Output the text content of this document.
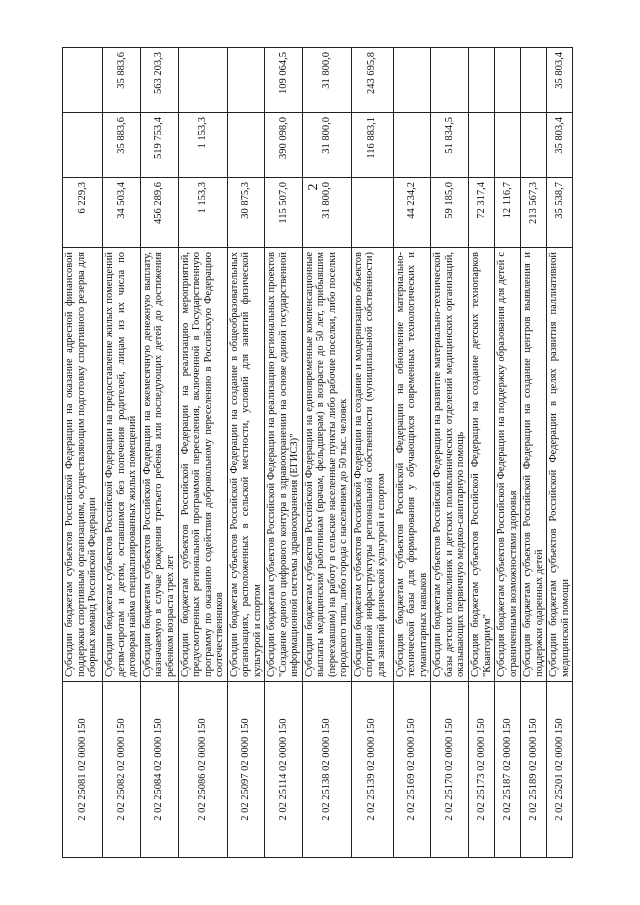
2
2 02 25081 02 0000 150	Субсидии бюджетам субъектов Российской Федерации на оказание адресной финансовой поддержки спортивным организациям, осуществляющим подготовку спортивного резерва для сборных команд Российской Федерации	6 229,3		
2 02 25082 02 0000 150	Субсидии бюджетам субъектов Российской Федерации на предоставление жилых помещений детям-сиротам и детям, оставшимся без попечения родителей, лицам из их числа по договорам найма специализированных жилых помещений	34 503,4	35 883,6	35 883,6
2 02 25084 02 0000 150	Субсидии бюджетам субъектов Российской Федерации на ежемесячную денежную выплату, назначаемую в случае рождения третьего ребенка или последующих детей до достижения ребенком возраста трех лет	456 289,6	519 753,4	563 203,3
2 02 25086 02 0000 150	Субсидии бюджетам субъектов Российской Федерации на реализацию мероприятий, предусмотренных региональной программой переселения, включенной в Государственную программу по оказанию содействия добровольному переселению в Российскую Федерацию соотечественников	1 153,3	1 153,3	
2 02 25097 02 0000 150	Субсидии бюджетам субъектов Российской Федерации на создание в общеобразовательных организациях, расположенных в сельской местности, условий для занятий физической культурой и спортом	30 875,3		
2 02 25114 02 0000 150	Субсидии бюджетам субъектов Российской Федерации на реализацию региональных проектов "Создание единого цифрового контура в здравоохранении на основе единой государственной информационной системы здравоохранения (ЕГИСЗ)"	115 507,0	390 098,0	109 064,5
2 02 25138 02 0000 150	Субсидии бюджетам субъектов Российской Федерации на единовременные компенсационные выплаты медицинским работникам (врачам, фельдшерам) в возрасте до 50 лет, прибывшим (переехавшим) на работу в сельские населенные пункты либо рабочие поселки, либо поселки городского типа, либо города с населением до 50 тыс. человек	31 800,0	31 800,0	31 800,0
2 02 25139 02 0000 150	Субсидии бюджетам субъектов Российской Федерации на создание и модернизацию объектов спортивной инфраструктуры региональной собственности (муниципальной собственности) для занятий физической культурой и спортом		116 883,1	243 695,8
2 02 25169 02 0000 150	Субсидия бюджетам субъектов Российской Федерации на обновление материально-технической базы для формирования у обучающихся современных технологических и гуманитарных навыков	44 234,2		
2 02 25170 02 0000 150	Субсидии бюджетам субъектов Российской Федерации на развитие материально-технической базы детских поликлиник и детских поликлинических отделений медицинских организаций, оказывающих первичную медико-санитарную помощь	59 185,0	51 834,5	
2 02 25173 02 0000 150	Субсидия бюджетам субъектов Российской Федерации на создание детских технопарков "Кванториум"	72 317,4		
2 02 25187 02 0000 150	Субсидия бюджетам субъектов Российской Федерации на поддержку образования для детей с ограниченными возможностями здоровья	12 116,7		
2 02 25189 02 0000 150	Субсидия бюджетам субъектов Российской Федерации на создание центров выявления и поддержки одаренных детей	213 567,3		
2 02 25201 02 0000 150	Субсидии бюджетам субъектов Российской Федерации в целях развития паллиативной медицинской помощи	35 538,7	35 803,4	35 803,4
